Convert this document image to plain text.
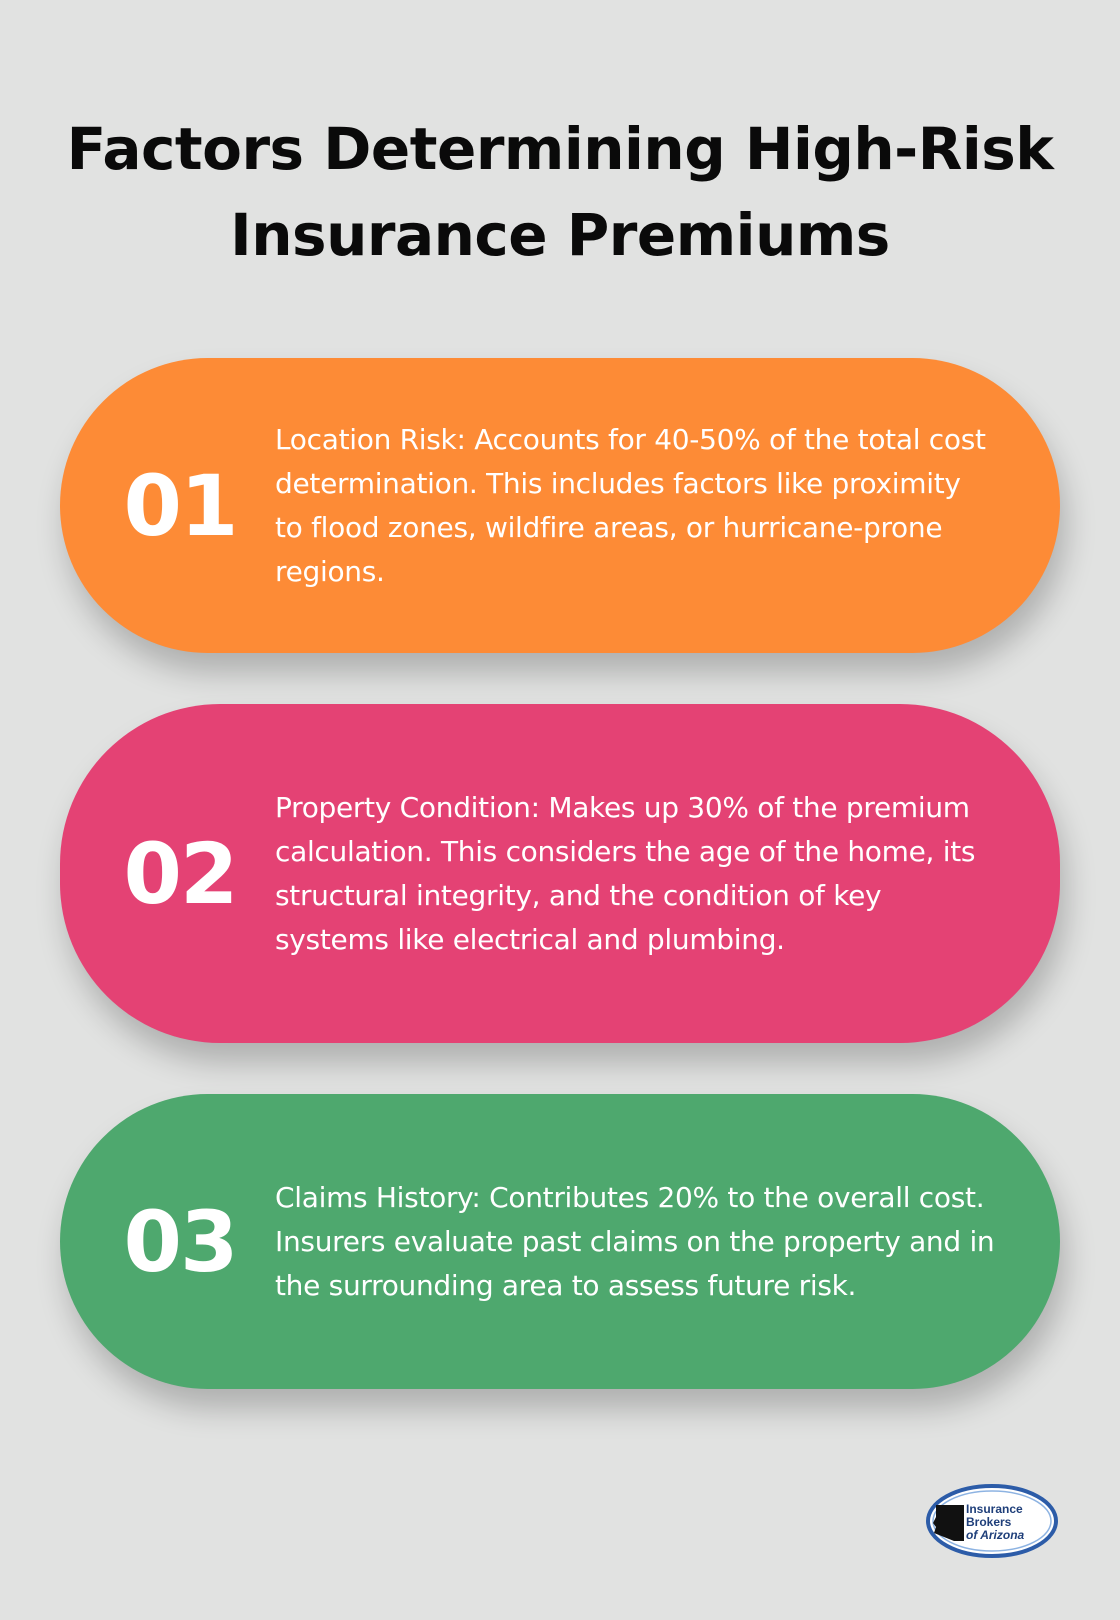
Factors Determining High-Risk
Insurance Premiums
01
Location Risk: Accounts for 40-50% of the total cost determination. This includes factors like proximity to flood zones, wildfire areas, or hurricane-prone regions.
02
Property Condition: Makes up 30% of the premium calculation. This considers the age of the home, its structural integrity, and the condition of key systems like electrical and plumbing.
03	Claims History: Contributes 20% to the overall cost. Insurers evaluate past claims on the property and in the surrounding area to assess future risk.
Insurance
Brokers
of Arizona
